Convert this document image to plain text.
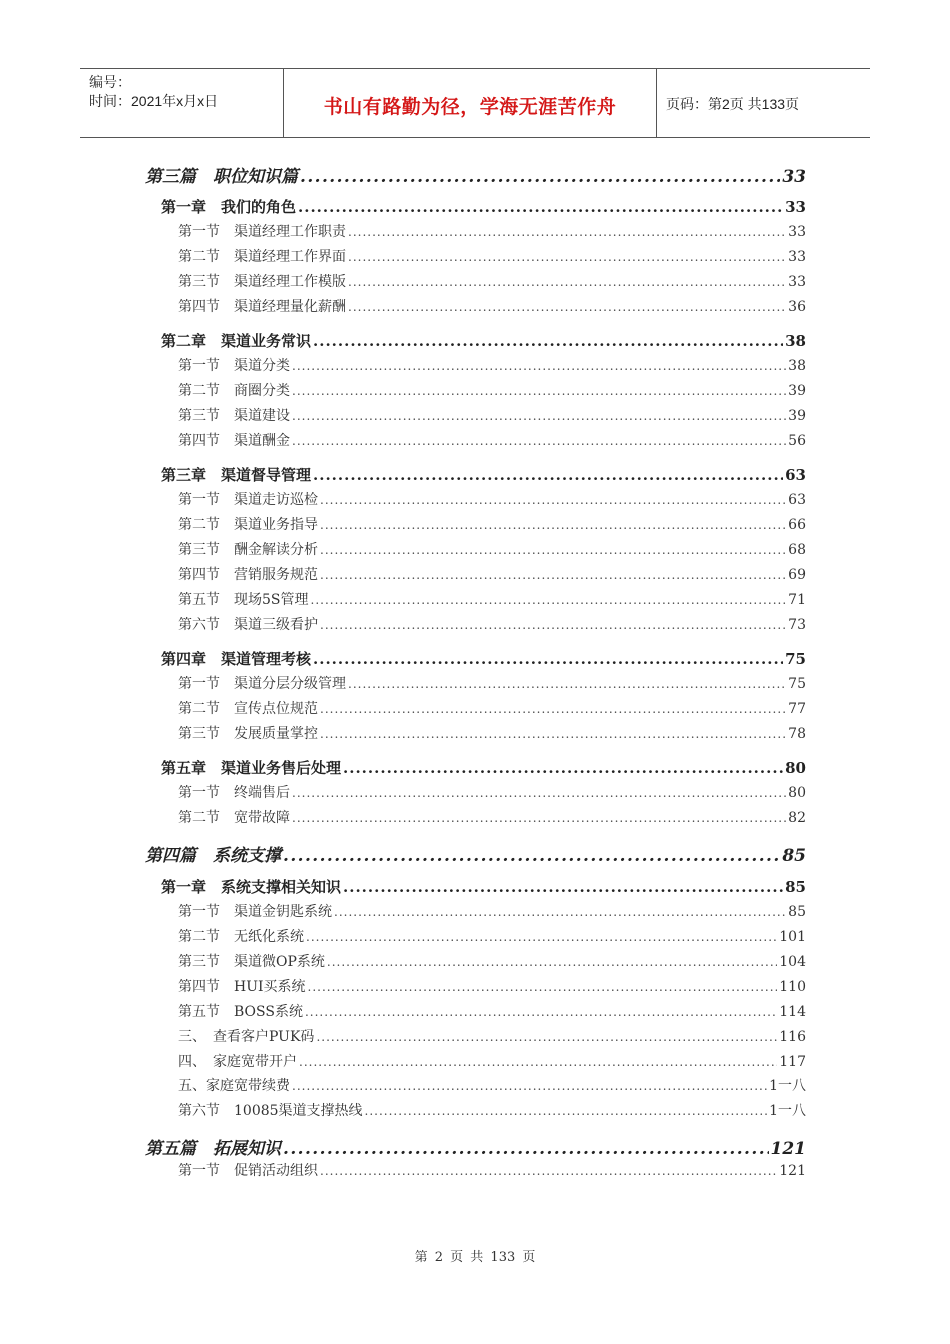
编号：
时间：2021年x月x日	书山有路勤为径，学海无涯苦作舟	页码：第2页 共133页
第三篇　职位知识篇 .....	33
第一章　我们的角色 .....	33
第一节　渠道经理工作职责 .....	33
第二节　渠道经理工作界面 .....	33
第三节　渠道经理工作模版 .....	33
第四节　渠道经理量化薪酬 .....	36
第二章　渠道业务常识 .....	38
第一节　渠道分类 .....	38
第二节　商圈分类 .....	39
第三节　渠道建设 .....	39
第四节　渠道酬金 .....	56
第三章　渠道督导管理 .....	63
第一节　渠道走访巡检 .....	63
第二节　渠道业务指导 .....	66
第三节　酬金解读分析 .....	68
第四节　营销服务规范 .....	69
第五节　现场5S管理 .....	71
第六节　渠道三级看护 .....	73
第四章　渠道管理考核 .....	75
第一节　渠道分层分级管理 .....	75
第二节　宣传点位规范 .....	77
第三节　发展质量掌控 .....	78
第五章　渠道业务售后处理 .....	80
第一节　终端售后 .....	80
第二节　宽带故障 .....	82
第四篇　系统支撑 .....	85
第一章　系统支撑相关知识 .....	85
第一节　渠道金钥匙系统 .....	85
第二节　无纸化系统 .....	101
第三节　渠道微OP系统 .....	104
第四节　HUI买系统 .....	110
第五节　BOSS系统 .....	114
三、　查看客户PUK码 .....	116
四、　家庭宽带开户 .....	117
五、家庭宽带续费 .....	1一八
第六节　10085渠道支撑热线 .....	1一八
第五篇　拓展知识 .....	121
第一节　促销活动组织 .....	121
第 2 页 共 133 页
